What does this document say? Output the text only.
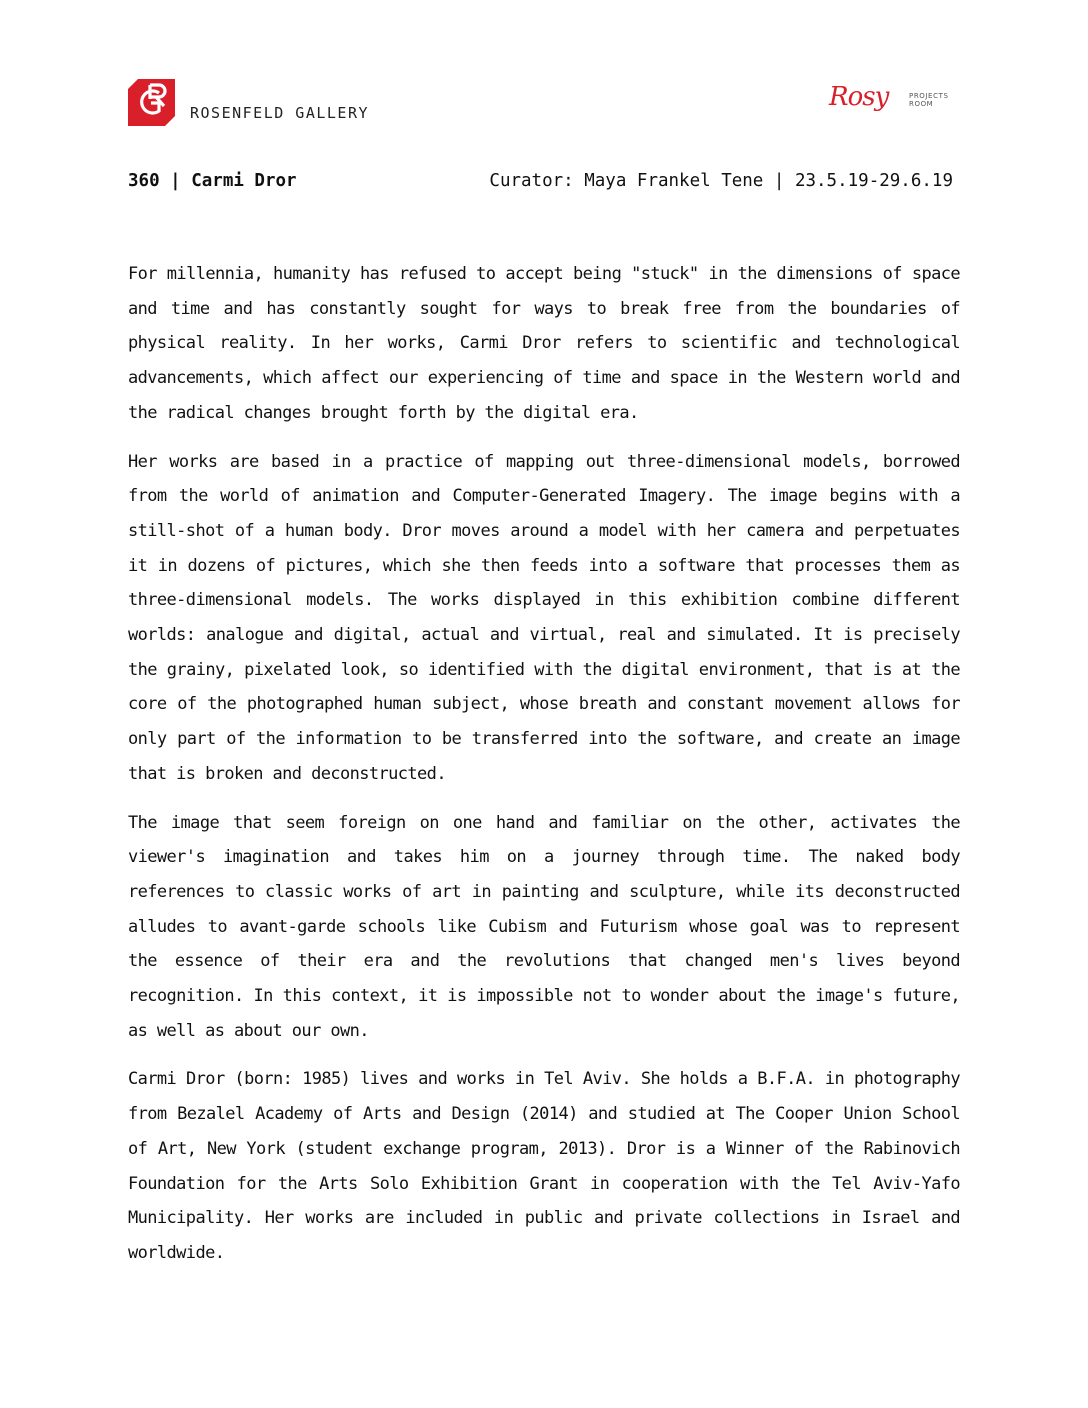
ROSENFELD GALLERY
Rosy	PROJECTS
ROOM
360 | Carmi Dror	Curator: Maya Frankel Tene | 23.5.19-29.6.19

For millennia, humanity has refused to accept being "stuck" in the dimensions of space and time and has constantly sought for ways to break free from the boundaries of physical reality. In her works, Carmi Dror refers to scientific and technological advancements, which affect our experiencing of time and space in the Western world and the radical changes brought forth by the digital era.

Her works are based in a practice of mapping out three-dimensional models, borrowed from the world of animation and Computer-Generated Imagery. The image begins with a still-shot of a human body. Dror moves around a model with her camera and perpetuates it in dozens of pictures, which she then feeds into a software that processes them as three-dimensional models. The works displayed in this exhibition combine different worlds: analogue and digital, actual and virtual, real and simulated. It is precisely the grainy, pixelated look, so identified with the digital environment, that is at the core of the photographed human subject, whose breath and constant movement allows for only part of the information to be transferred into the software, and create an image that is broken and deconstructed.

The image that seem foreign on one hand and familiar on the other, activates the viewer's imagination and takes him on a journey through time. The naked body references to classic works of art in painting and sculpture, while its deconstructed alludes to avant-garde schools like Cubism and Futurism whose goal was to represent the essence of their era and the revolutions that changed men's lives beyond recognition. In this context, it is impossible not to wonder about the image's future, as well as about our own.

Carmi Dror (born: 1985) lives and works in Tel Aviv. She holds a B.F.A. in photography from Bezalel Academy of Arts and Design (2014) and studied at The Cooper Union School of Art, New York (student exchange program, 2013). Dror is a Winner of the Rabinovich Foundation for the Arts Solo Exhibition Grant in cooperation with the Tel Aviv-Yafo Municipality. Her works are included in public and private collections in Israel and worldwide.
